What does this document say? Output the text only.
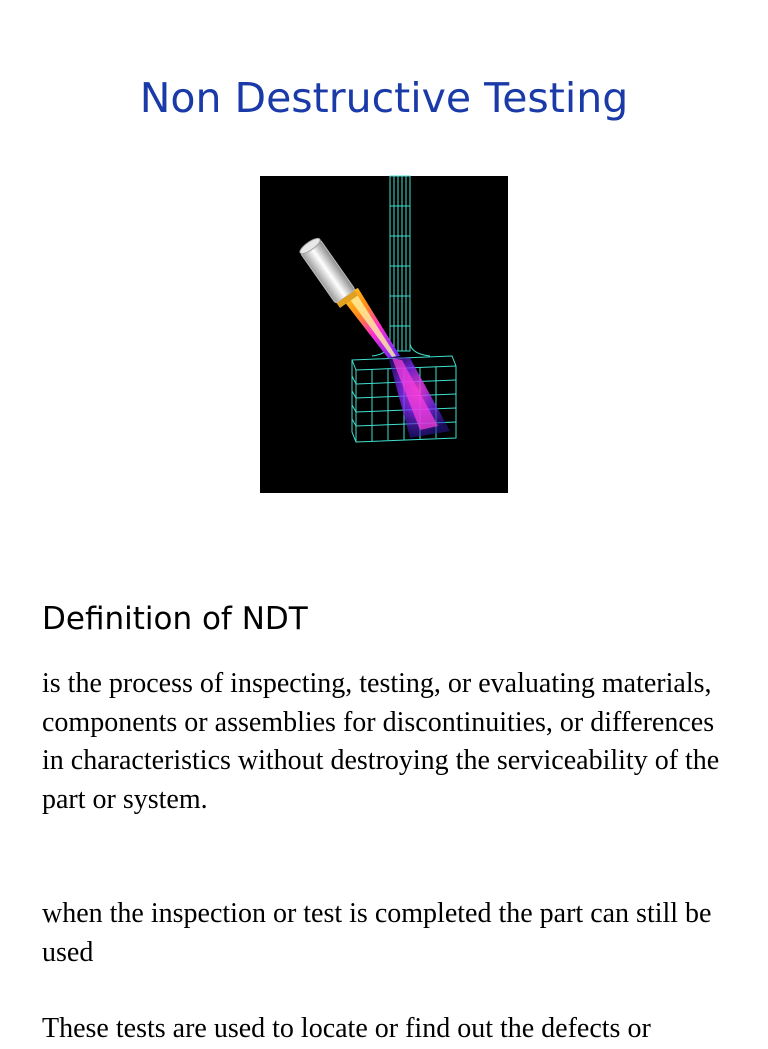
Non Destructive Testing
Definition of NDT

is the process of inspecting, testing, or evaluating materials, components or assemblies for discontinuities, or differences in characteristics without destroying the serviceability of the part or system.

when the inspection or test is completed the part can still be used

These tests are used to locate or find out the defects or
